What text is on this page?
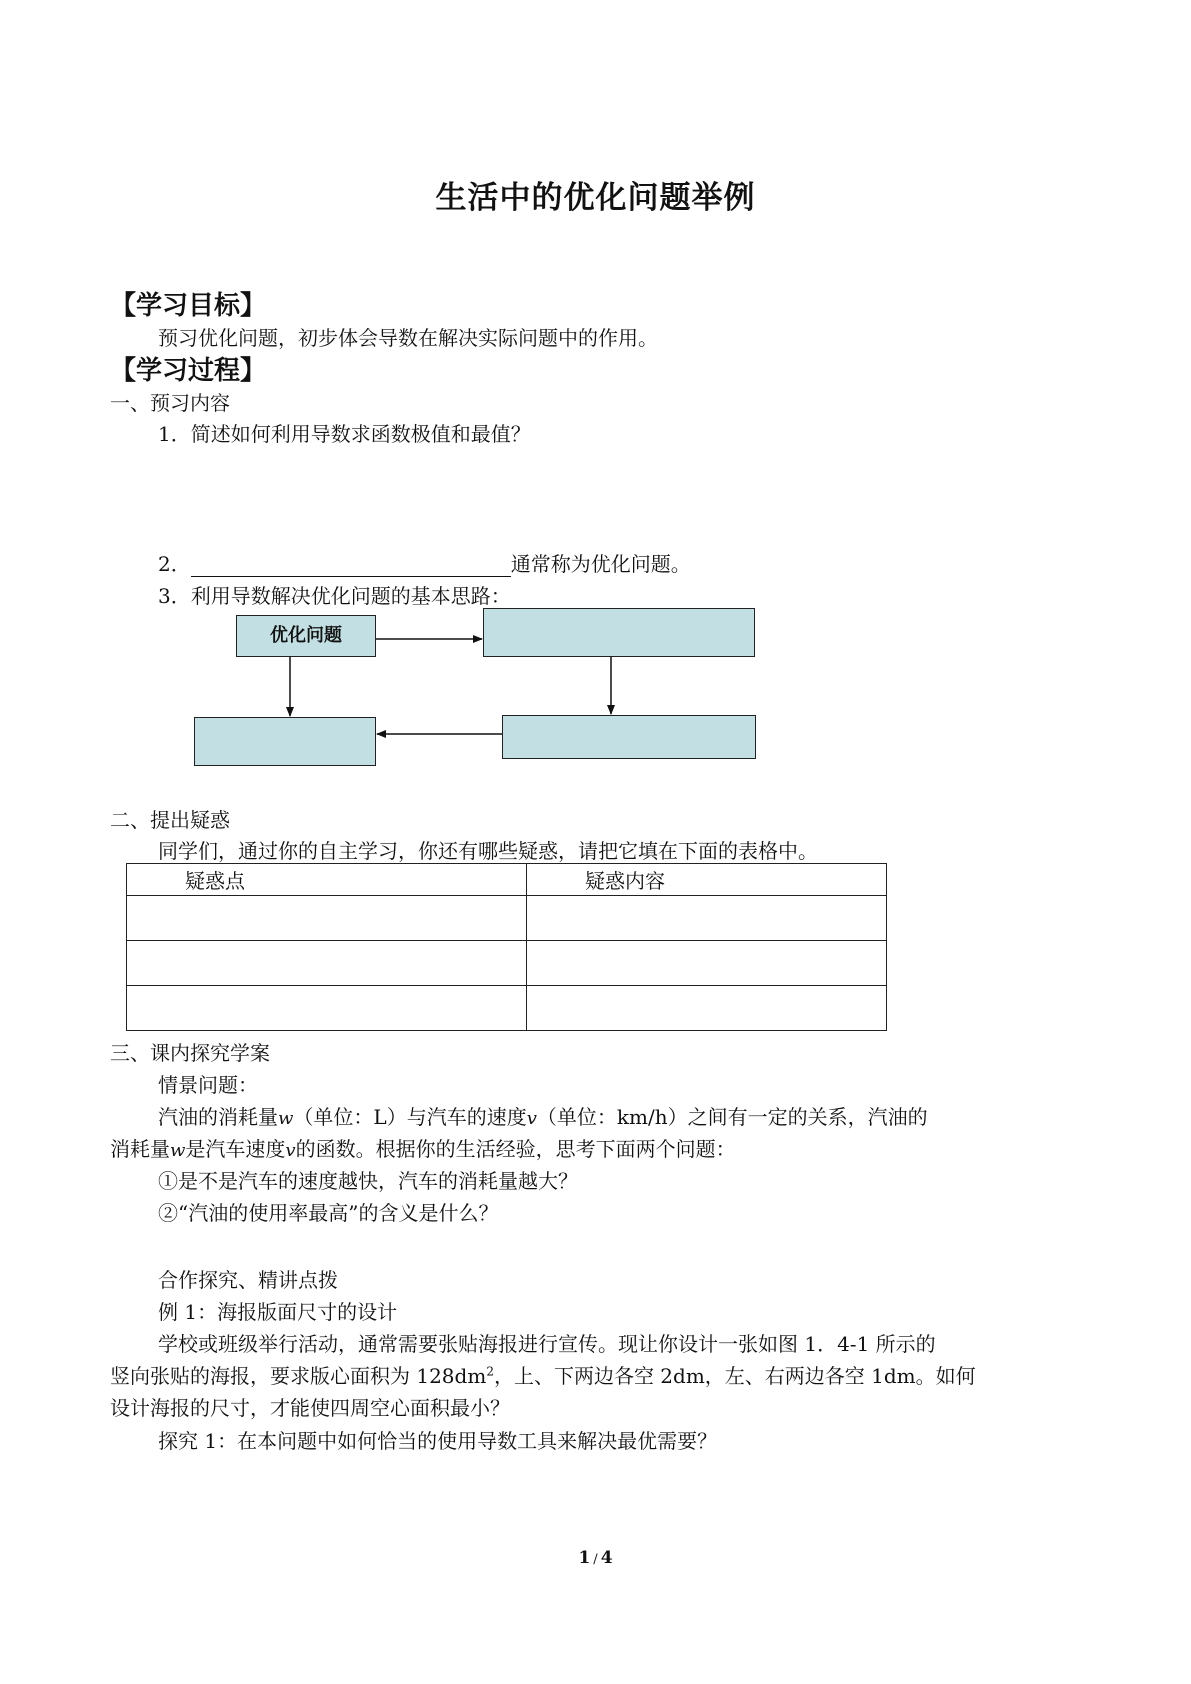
生活中的优化问题举例
【学习目标】
预习优化问题，初步体会导数在解决实际问题中的作用。
【学习过程】
一、预习内容
1．简述如何利用导数求函数极值和最值？
2．	通常称为优化问题。
3．利用导数解决优化问题的基本思路：
优化问题
二、提出疑惑
同学们，通过你的自主学习，你还有哪些疑惑，请把它填在下面的表格中。
疑惑点	疑惑内容

三、课内探究学案
情景问题：
汽油的消耗量w（单位：L）与汽车的速度v（单位：km/h）之间有一定的关系，汽油的
消耗量w是汽车速度v的函数。根据你的生活经验，思考下面两个问题：
①是不是汽车的速度越快，汽车的消耗量越大？
②“汽油的使用率最高”的含义是什么？
合作探究、精讲点拨
例 1：海报版面尺寸的设计
学校或班级举行活动，通常需要张贴海报进行宣传。现让你设计一张如图 1．4-1 所示的
竖向张贴的海报，要求版心面积为 $128dm^2$，上、下两边各空 2dm，左、右两边各空 1dm。如何
设计海报的尺寸，才能使四周空心面积最小？
探究 1：在本问题中如何恰当的使用导数工具来解决最优需要？
1 / 4
